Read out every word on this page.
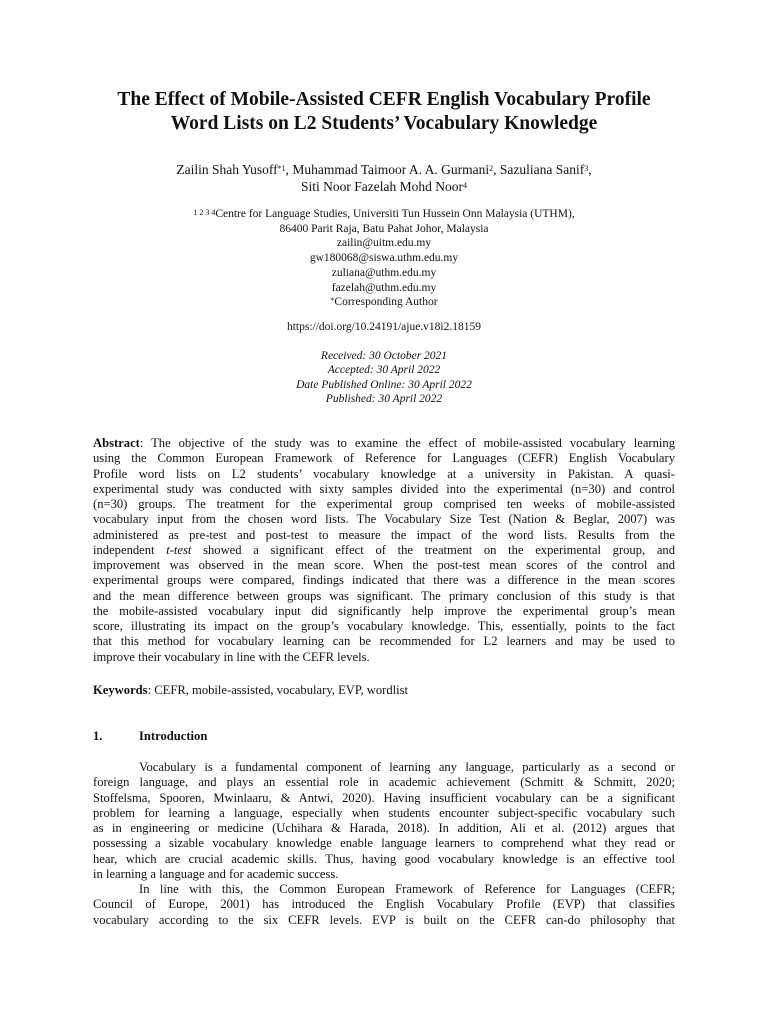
The Effect of Mobile-Assisted CEFR English Vocabulary Profile
Word Lists on L2 Students’ Vocabulary Knowledge
Zailin Shah Yusoff$^{*1}$, Muhammad Taimoor A. A. Gurmani$^2$, Sazuliana Sanif$^3$,
Siti Noor Fazelah Mohd Noor$^4$
$^{1 2 3 4}$Centre for Language Studies, Universiti Tun Hussein Onn Malaysia (UTHM),
86400 Parit Raja, Batu Pahat Johor, Malaysia
zailin@uitm.edu.my
gw180068@siswa.uthm.edu.my
zuliana@uthm.edu.my
fazelah@uthm.edu.my
*Corresponding Author
https://doi.org/10.24191/ajue.v18i2.18159
Received: 30 October 2021
Accepted: 30 April 2022
Date Published Online: 30 April 2022
Published: 30 April 2022
Abstract: The objective of the study was to examine the effect of mobile-assisted vocabulary learning
using the Common European Framework of Reference for Languages (CEFR) English Vocabulary
Profile word lists on L2 students’ vocabulary knowledge at a university in Pakistan. A quasi-
experimental study was conducted with sixty samples divided into the experimental (n=30) and control
(n=30) groups. The treatment for the experimental group comprised ten weeks of mobile-assisted
vocabulary input from the chosen word lists. The Vocabulary Size Test (Nation & Beglar, 2007) was
administered as pre-test and post-test to measure the impact of the word lists. Results from the
independent t-test showed a significant effect of the treatment on the experimental group, and
improvement was observed in the mean score. When the post-test mean scores of the control and
experimental groups were compared, findings indicated that there was a difference in the mean scores
and the mean difference between groups was significant. The primary conclusion of this study is that
the mobile-assisted vocabulary input did significantly help improve the experimental group’s mean
score, illustrating its impact on the group’s vocabulary knowledge. This, essentially, points to the fact
that this method for vocabulary learning can be recommended for L2 learners and may be used to
improve their vocabulary in line with the CEFR levels.
Keywords: CEFR, mobile-assisted, vocabulary, EVP, wordlist
1.	Introduction
Vocabulary is a fundamental component of learning any language, particularly as a second or
foreign language, and plays an essential role in academic achievement (Schmitt & Schmitt, 2020;
Stoffelsma, Spooren, Mwinlaaru, & Antwi, 2020). Having insufficient vocabulary can be a significant
problem for learning a language, especially when students encounter subject-specific vocabulary such
as in engineering or medicine (Uchihara & Harada, 2018). In addition, Ali et al. (2012) argues that
possessing a sizable vocabulary knowledge enable language learners to comprehend what they read or
hear, which are crucial academic skills. Thus, having good vocabulary knowledge is an effective tool
in learning a language and for academic success.
In line with this, the Common European Framework of Reference for Languages (CEFR;
Council of Europe, 2001) has introduced the English Vocabulary Profile (EVP) that classifies
vocabulary according to the six CEFR levels. EVP is built on the CEFR can-do philosophy that
